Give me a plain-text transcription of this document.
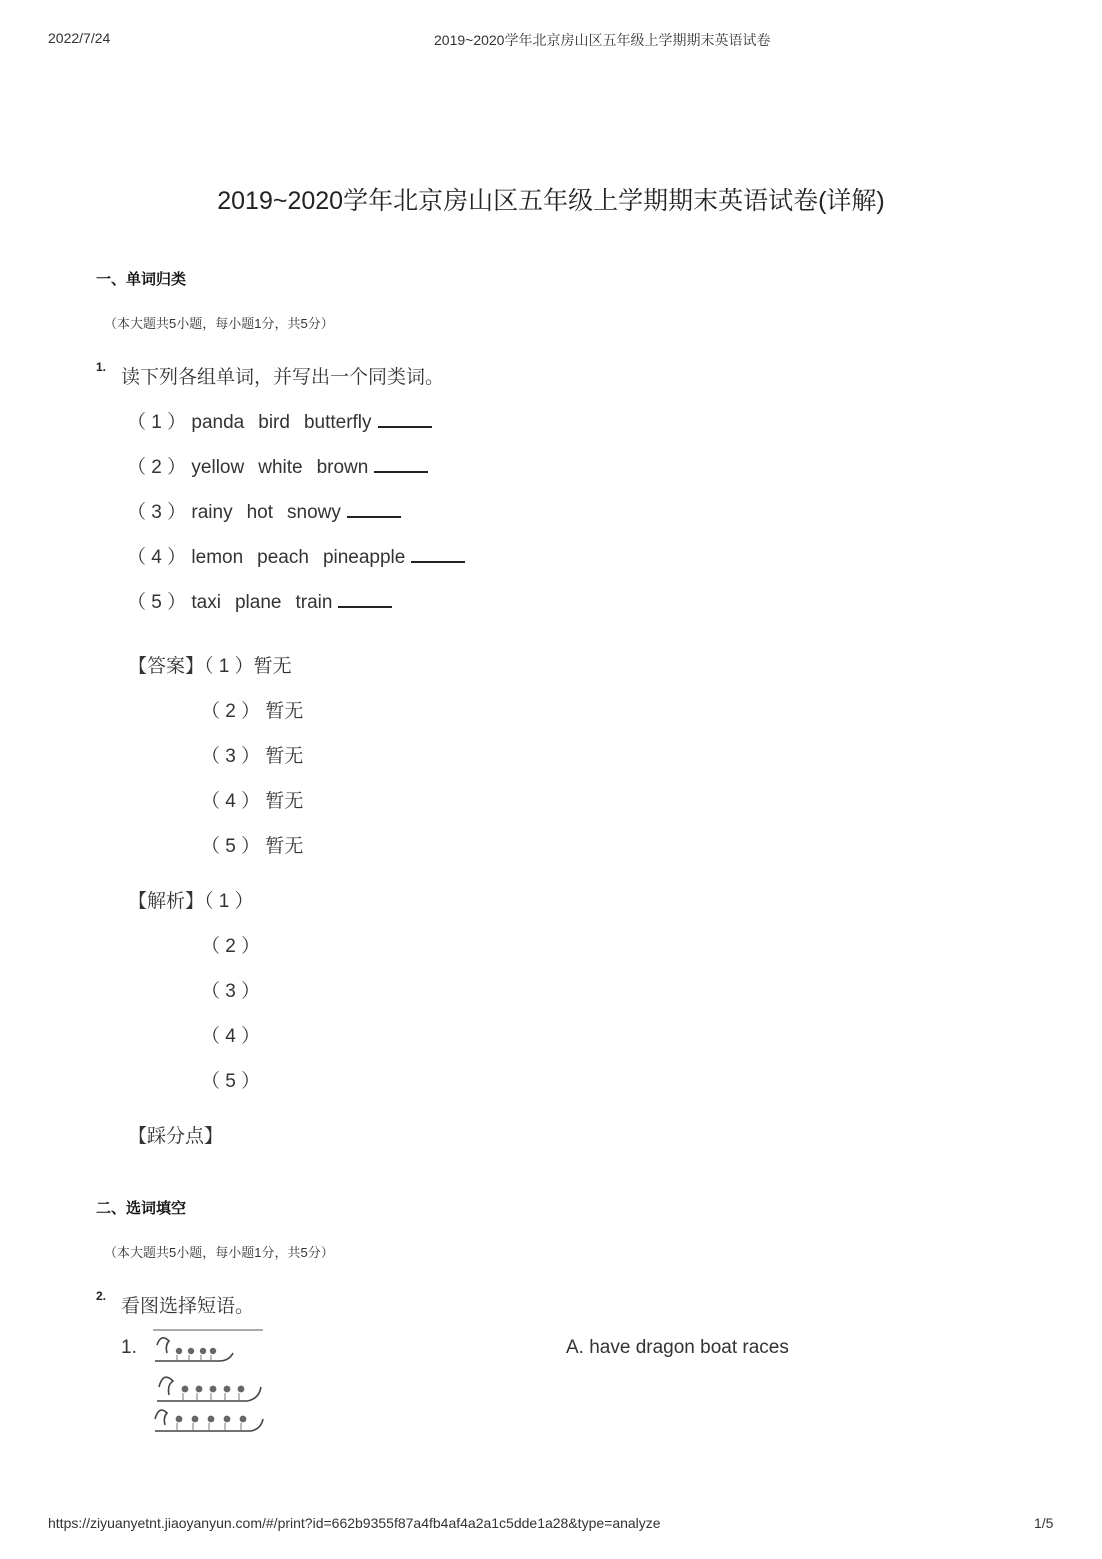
2022/7/24	2019~2020学年北京房山区五年级上学期期末英语试卷
2019~2020学年北京房山区五年级上学期期末英语试卷(详解)
一、单词归类
（本大题共5小题，每小题1分，共5分）
1. 读下列各组单词，并写出一个同类词。
（ 1 ） panda bird butterfly
（ 2 ） yellow white brown
（ 3 ） rainy hot snowy
（ 4 ） lemon peach pineapple
（ 5 ） taxi plane train
【答案】（ 1 ）暂无
（ 2 ） 暂无
（ 3 ） 暂无
（ 4 ） 暂无
（ 5 ） 暂无
【解析】（ 1 ）
（ 2 ）
（ 3 ）
（ 4 ）
（ 5 ）
【踩分点】
二、选词填空
（本大题共5小题，每小题1分，共5分）
2. 看图选择短语。
1.	A. have dragon boat races
https://ziyuanyetnt.jiaoyanyun.com/#/print?id=662b9355f87a4fb4af4a2a1c5dde1a28&type=analyze	1/5
